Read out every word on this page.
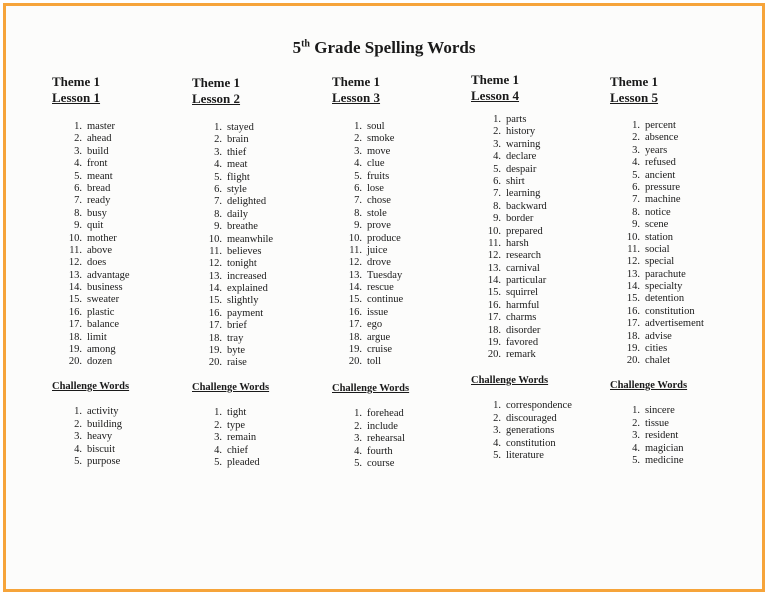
5th Grade Spelling Words
Theme 1
Lesson 1
1. master
2. ahead
3. build
4. front
5. meant
6. bread
7. ready
8. busy
9. quit
10. mother
11. above
12. does
13. advantage
14. business
15. sweater
16. plastic
17. balance
18. limit
19. among
20. dozen
Challenge Words
1. activity
2. building
3. heavy
4. biscuit
5. purpose
Theme 1
Lesson 2
1. stayed
2. brain
3. thief
4. meat
5. flight
6. style
7. delighted
8. daily
9. breathe
10. meanwhile
11. believes
12. tonight
13. increased
14. explained
15. slightly
16. payment
17. brief
18. tray
19. byte
20. raise
Challenge Words
1. tight
2. type
3. remain
4. chief
5. pleaded
Theme 1
Lesson 3
1. soul
2. smoke
3. move
4. clue
5. fruits
6. lose
7. chose
8. stole
9. prove
10. produce
11. juice
12. drove
13. Tuesday
14. rescue
15. continue
16. issue
17. ego
18. argue
19. cruise
20. toll
Challenge Words
1. forehead
2. include
3. rehearsal
4. fourth
5. course
Theme 1
Lesson 4
1. parts
2. history
3. warning
4. declare
5. despair
6. shirt
7. learning
8. backward
9. border
10. prepared
11. harsh
12. research
13. carnival
14. particular
15. squirrel
16. harmful
17. charms
18. disorder
19. favored
20. remark
Challenge Words
1. correspondence
2. discouraged
3. generations
4. constitution
5. literature
Theme 1
Lesson 5
1. percent
2. absence
3. years
4. refused
5. ancient
6. pressure
7. machine
8. notice
9. scene
10. station
11. social
12. special
13. parachute
14. specialty
15. detention
16. constitution
17. advertisement
18. advise
19. cities
20. chalet
Challenge Words
1. sincere
2. tissue
3. resident
4. magician
5. medicine
